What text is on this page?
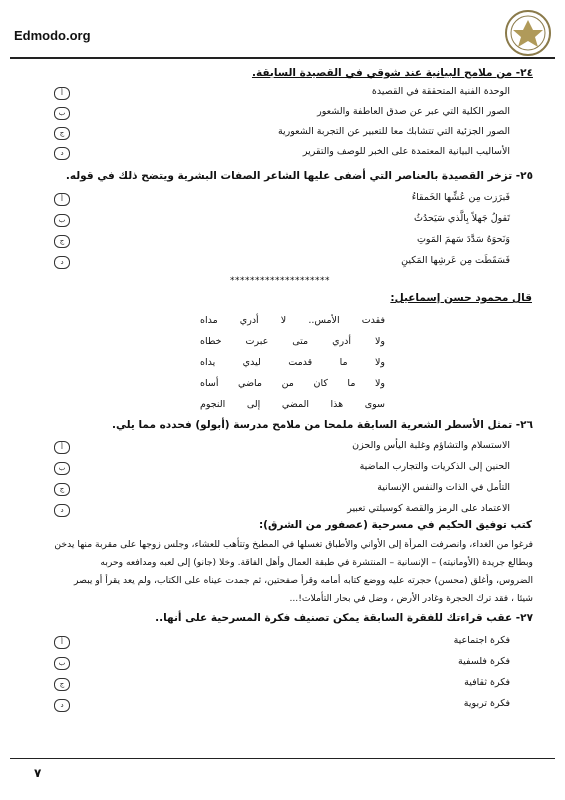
Edmodo.org
٢٤- من ملامح البيانية عند شوقي في القصيدة السابقة.
الوحدة الفنية المتحققة في القصيدة
أ
الصور الكلية التي عبر عن صدق العاطفة والشعور
ب
الصور الجزئية التي تتشابك معا للتعبير عن التجربة الشعورية
ج
الأساليب البيانية المعتمدة على الخبر للوصف والتقرير
د
٢٥- تزخر القصيدة بالعناصر التي أضفى عليها الشاعر الصفات البشرية ويتضح ذلك في قوله.
فَبرَزت مِن عُشِّها الخَمقاءُ
أ
تَقولُ جَهلاً بِالَّذي سَيَحدُثُ
ب
وَنَحوَهُ سَدَّدَ سَهمَ المَوتِ
ج
فَسَقَطَت مِن عَرشِها المَكينِ
د
********************
قال محمود حسن إسماعيل:
فقدت الأمس.. لا أدري مداه
ولا أدري متى عبرت خطاه
ولا ما قدمت ليدي يداه
ولا ما كان من ماضي أساه
سوى هذا المضي إلى النجوم
٢٦- تمثل الأسطر الشعرية السابقة ملمحا من ملامح مدرسة (أبولو) فحدده مما يلي.
الاستسلام والتشاؤم وغلبة اليأس والحزن
أ
الحنين إلى الذكريات والتجارب الماضية
ب
التأمل في الذات والنفس الإنسانية
ج
الاعتماد على الرمز والقصة كوسيلتي تعبير
د
كتب توفيق الحكيم في مسرحية (عصفور من الشرق):
فرغوا من الغداء، وانصرفت المرأة إلى الأواني والأطباق تغسلها في المطبخ وتتأهب للعشاء، وجلس زوجها على مقربة منها يدخن
وبطالع جريدة (الأومانيته) – الإنسانية – المنتشرة في طبقة العمال وأهل الفاقة. وخلا (جانو) إلى لعبه ومدافعه وحربه
الضروس، وأغلق (محسن) حجرته عليه ووضع كتابه أمامه وقرأ صفحتين، ثم جمدت عيناه على الكتاب، ولم يعد يقرأ أو يبصر
شيئا ، فقد ترك الحجرة وغادر الأرض ، وضل في بحار التأملات!...
٢٧- عقب قراءتك للفقرة السابقة يمكن تصنيف فكرة المسرحية على أنها..
فكرة اجتماعية
أ
فكرة فلسفية
ب
فكرة ثقافية
ج
فكرة تربوية
د
٧
